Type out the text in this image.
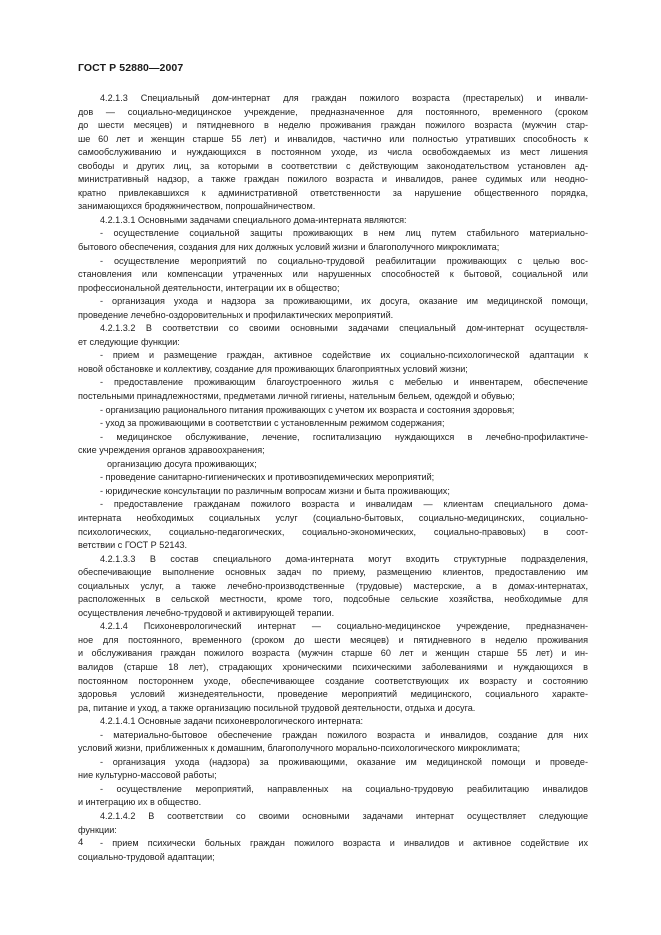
ГОСТ Р 52880—2007
4.2.1.3 Специальный дом-интернат для граждан пожилого возраста (престарелых) и инвали-
дов — социально-медицинское учреждение, предназначенное для постоянного, временного (сроком
до шести месяцев) и пятидневного в неделю проживания граждан пожилого возраста (мужчин стар-
ше 60 лет и женщин старше 55 лет) и инвалидов, частично или полностью утративших способность к
самообслуживанию и нуждающихся в постоянном уходе, из числа освобождаемых из мест лишения
свободы и других лиц, за которыми в соответствии с действующим законодательством установлен ад-
министративный надзор, а также граждан пожилого возраста и инвалидов, ранее судимых или неодно-
кратно привлекавшихся к административной ответственности за нарушение общественного порядка,
занимающихся бродяжничеством, попрошайничеством.
4.2.1.3.1 Основными задачами специального дома-интерната являются:
- осуществление социальной защиты проживающих в нем лиц путем стабильного материально-
бытового обеспечения, создания для них должных условий жизни и благополучного микроклимата;
- осуществление мероприятий по социально-трудовой реабилитации проживающих с целью вос-
становления или компенсации утраченных или нарушенных способностей к бытовой, социальной или
профессиональной деятельности, интеграции их в общество;
- организация ухода и надзора за проживающими, их досуга, оказание им медицинской помощи,
проведение лечебно-оздоровительных и профилактических мероприятий.
4.2.1.3.2 В соответствии со своими основными задачами специальный дом-интернат осуществля-
ет следующие функции:
- прием и размещение граждан, активное содействие их социально-психологической адаптации к
новой обстановке и коллективу, создание для проживающих благоприятных условий жизни;
- предоставление проживающим благоустроенного жилья с мебелью и инвентарем, обеспечение
постельными принадлежностями, предметами личной гигиены, нательным бельем, одеждой и обувью;
- организацию рационального питания проживающих с учетом их возраста и состояния здоровья;
- уход за проживающими в соответствии с установленным режимом содержания;
- медицинское обслуживание, лечение, госпитализацию нуждающихся в лечебно-профилактиче-
ские учреждения органов здравоохранения;
организацию досуга проживающих;
- проведение санитарно-гигиенических и противоэпидемических мероприятий;
- юридические консультации по различным вопросам жизни и быта проживающих;
- предоставление гражданам пожилого возраста и инвалидам — клиентам специального дома-
интерната необходимых социальных услуг (социально-бытовых, социально-медицинских, социально-
психологических, социально-педагогических, социально-экономических, социально-правовых) в соот-
ветствии с ГОСТ Р 52143.
4.2.1.3.3 В состав специального дома-интерната могут входить структурные подразделения,
обеспечивающие выполнение основных задач по приему, размещению клиентов, предоставлению им
социальных услуг, а также лечебно-производственные (трудовые) мастерские, а в домах-интернатах,
расположенных в сельской местности, кроме того, подсобные сельские хозяйства, необходимые для
осуществления лечебно-трудовой и активирующей терапии.
4.2.1.4 Психоневрологический интернат — социально-медицинское учреждение, предназначен-
ное для постоянного, временного (сроком до шести месяцев) и пятидневного в неделю проживания
и обслуживания граждан пожилого возраста (мужчин старше 60 лет и женщин старше 55 лет) и ин-
валидов (старше 18 лет), страдающих хроническими психическими заболеваниями и нуждающихся в
постоянном постороннем уходе, обеспечивающее создание соответствующих их возрасту и состоянию
здоровья условий жизнедеятельности, проведение мероприятий медицинского, социального характе-
ра, питание и уход, а также организацию посильной трудовой деятельности, отдыха и досуга.
4.2.1.4.1 Основные задачи психоневрологического интерната:
- материально-бытовое обеспечение граждан пожилого возраста и инвалидов, создание для них
условий жизни, приближенных к домашним, благополучного морально-психологического микроклимата;
- организация ухода (надзора) за проживающими, оказание им медицинской помощи и проведе-
ние культурно-массовой работы;
- осуществление мероприятий, направленных на социально-трудовую реабилитацию инвалидов
и интеграцию их в общество.
4.2.1.4.2 В соответствии со своими основными задачами интернат осуществляет следующие
функции:
- прием психически больных граждан пожилого возраста и инвалидов и активное содействие их
социально-трудовой адаптации;
4
